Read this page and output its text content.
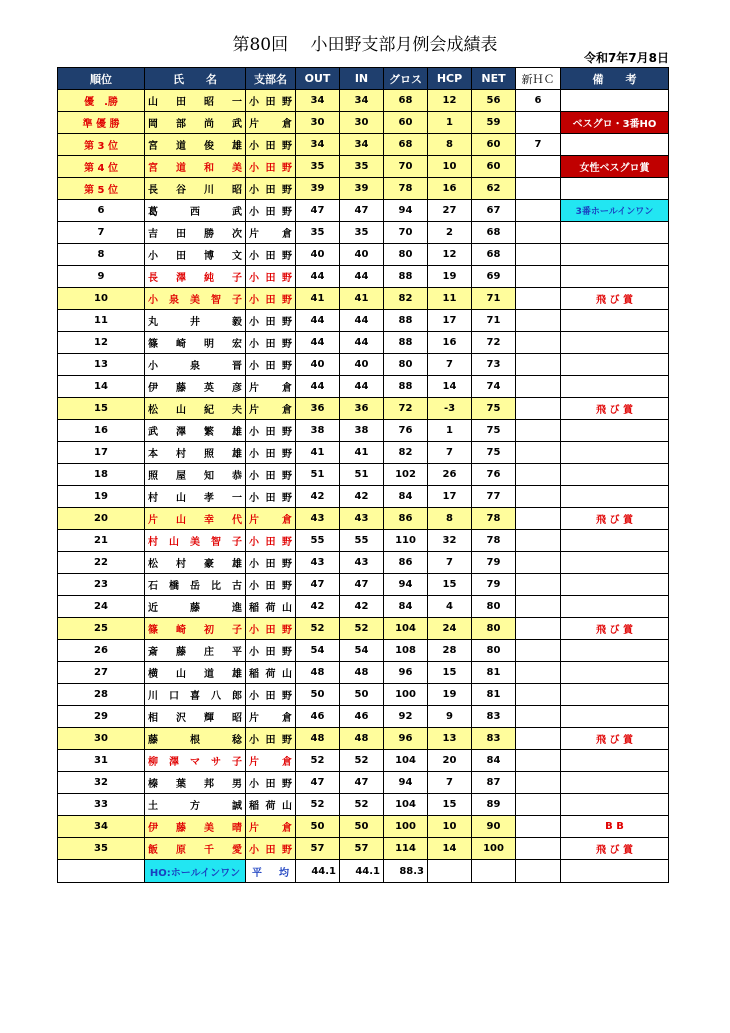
第80回　 小田野支部月例会成績表
令和7年7月8日
順位	氏　　名	支部名	OUT	IN	グロス	HCP	NET	新ＨＣ	備　　考
優　.勝	山田昭一	小田野	34	34	68	12	56	6	
準 優 勝	岡部尚武	片倉	30	30	60	1	59		ベスグロ・3番HO
第 3 位	宮道俊雄	小田野	34	34	68	8	60	7	
第 4 位	宮道和美	小田野	35	35	70	10	60		女性ベスグロ賞
第 5 位	長谷川昭	小田野	39	39	78	16	62		
6	葛西武	小田野	47	47	94	27	67		3番ホールインワン
7	吉田勝次	片倉	35	35	70	2	68		
8	小田博文	小田野	40	40	80	12	68		
9	長澤純子	小田野	44	44	88	19	69		
10	小泉美智子	小田野	41	41	82	11	71		飛 び 賞
11	丸井毅	小田野	44	44	88	17	71		
12	篠崎明宏	小田野	44	44	88	16	72		
13	小泉晋	小田野	40	40	80	7	73		
14	伊藤英彦	片倉	44	44	88	14	74		
15	松山紀夫	片倉	36	36	72	-3	75		飛 び 賞
16	武澤繁雄	小田野	38	38	76	1	75		
17	本村照雄	小田野	41	41	82	7	75		
18	照屋知恭	小田野	51	51	102	26	76		
19	村山孝一	小田野	42	42	84	17	77		
20	片山幸代	片倉	43	43	86	8	78		飛 び 賞
21	村山美智子	小田野	55	55	110	32	78		
22	松村豪雄	小田野	43	43	86	7	79		
23	石橋岳比古	小田野	47	47	94	15	79		
24	近藤進	稲荷山	42	42	84	4	80		
25	篠崎初子	小田野	52	52	104	24	80		飛 び 賞
26	斎藤庄平	小田野	54	54	108	28	80		
27	横山道雄	稲荷山	48	48	96	15	81		
28	川口喜八郎	小田野	50	50	100	19	81		
29	相沢輝昭	片倉	46	46	92	9	83		
30	藤根稔	小田野	48	48	96	13	83		飛 び 賞
31	柳澤マサ子	片倉	52	52	104	20	84		
32	榛葉邦男	小田野	47	47	94	7	87		
33	土方誠	稲荷山	52	52	104	15	89		
34	伊藤美晴	片倉	50	50	100	10	90		B B
35	飯原千愛	小田野	57	57	114	14	100		飛 び 賞
	HO:ホールインワン	平均	44.1	44.1	88.3				
